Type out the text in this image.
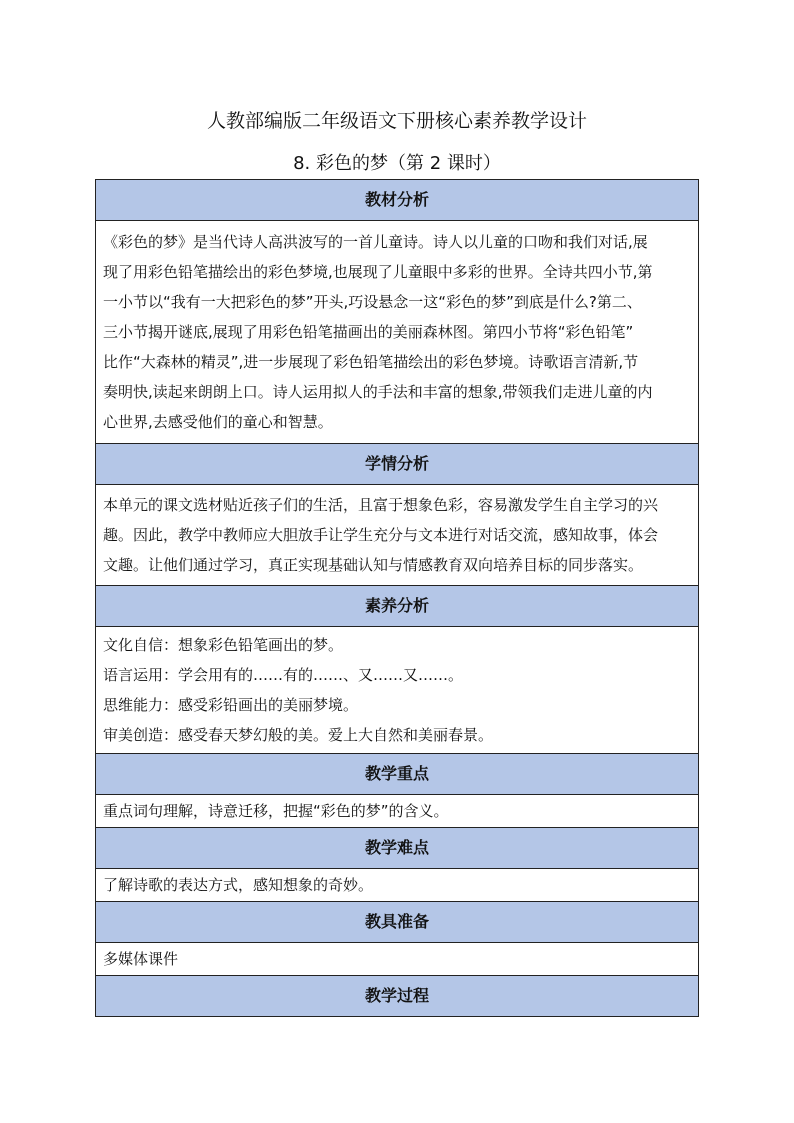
人教部编版二年级语文下册核心素养教学设计
8. 彩色的梦（第 2 课时）
教材分析

《彩色的梦》是当代诗人高洪波写的一首儿童诗。诗人以儿童的口吻和我们对话,展

现了用彩色铅笔描绘出的彩色梦境,也展现了儿童眼中多彩的世界。全诗共四小节,第

一小节以“我有一大把彩色的梦”开头,巧设悬念一这“彩色的梦”到底是什么?第二、

三小节揭开谜底,展现了用彩色铅笔描画出的美丽森林图。第四小节将“彩色铅笔”

比作“大森林的精灵”,进一步展现了彩色铅笔描绘出的彩色梦境。诗歌语言清新,节

奏明快,读起来朗朗上口。诗人运用拟人的手法和丰富的想象,带领我们走进儿童的内

心世界,去感受他们的童心和智慧。

学情分析

本单元的课文选材贴近孩子们的生活，且富于想象色彩，容易激发学生自主学习的兴

趣。因此，教学中教师应大胆放手让学生充分与文本进行对话交流，感知故事，体会

文趣。让他们通过学习，真正实现基础认知与情感教育双向培养目标的同步落实。

素养分析

文化自信：想象彩色铅笔画出的梦。

语言运用：学会用有的……有的……、又……又……。

思维能力：感受彩铅画出的美丽梦境。

审美创造：感受春天梦幻般的美。爱上大自然和美丽春景。

教学重点
重点词句理解，诗意迁移，把握“彩色的梦”的含义。
教学难点
了解诗歌的表达方式，感知想象的奇妙。
教具准备
多媒体课件
教学过程
